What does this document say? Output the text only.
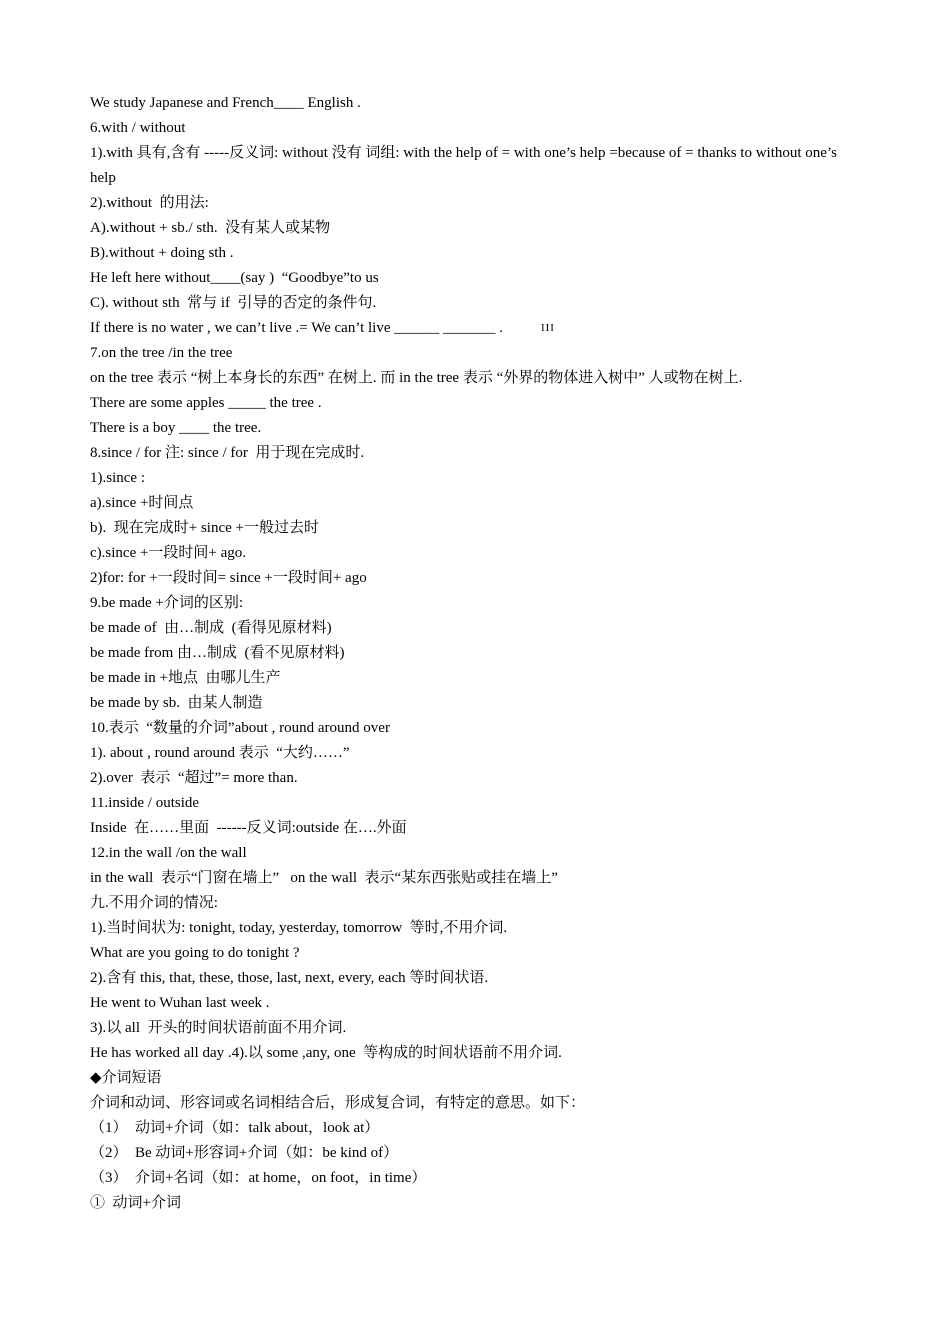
We study Japanese and French____ English .
6.with / without
1).with 具有,含有 -----反义词: without 没有 词组: with the help of = with one’s help =because of = thanks to without one’s help
2).without  的用法:
A).without + sb./ sth.  没有某人或某物
B).without + doing sth .
He left here without____(say )  “Goodbye”to us
C). without sth  常与 if  引导的否定的条件句.
If there is no water , we can’t live .= We can’t live ______ _______ .	III
7.on the tree /in the tree
on the tree 表示 “树上本身长的东西” 在树上. 而 in the tree 表示 “外界的物体进入树中” 人或物在树上.
There are some apples _____ the tree .
There is a boy ____ the tree.
8.since / for 注: since / for  用于现在完成时.
1).since :
a).since +时间点
b).  现在完成时+ since +一般过去时
c).since +一段时间+ ago.
2)for: for +一段时间= since +一段时间+ ago
9.be made +介词的区别:
be made of  由…制成  (看得见原材料)
be made from 由…制成  (看不见原材料)
be made in +地点  由哪儿生产
be made by sb.  由某人制造
10.表示  “数量的介词”about , round around over
1). about , round around 表示  “大约……”
2).over  表示  “超过”= more than.
11.inside / outside
Inside  在……里面  ------反义词:outside 在….外面
12.in the wall /on the wall
in the wall  表示“门窗在墙上”   on the wall  表示“某东西张贴或挂在墙上”
九.不用介词的情况:
1).当时间状为: tonight, today, yesterday, tomorrow  等时,不用介词.
What are you going to do tonight ?
2).含有 this, that, these, those, last, next, every, each 等时间状语.
He went to Wuhan last week .
3).以 all  开头的时间状语前面不用介词.
He has worked all day .4).以 some ,any, one  等构成的时间状语前不用介词.
◆介词短语
介词和动词、形容词或名词相结合后，形成复合词，有特定的意思。如下：
（1）  动词+介词（如：talk about，look at）
（2）  Be 动词+形容词+介词（如：be kind of）
（3）  介词+名词（如：at home，on foot，in time）
①  动词+介词
